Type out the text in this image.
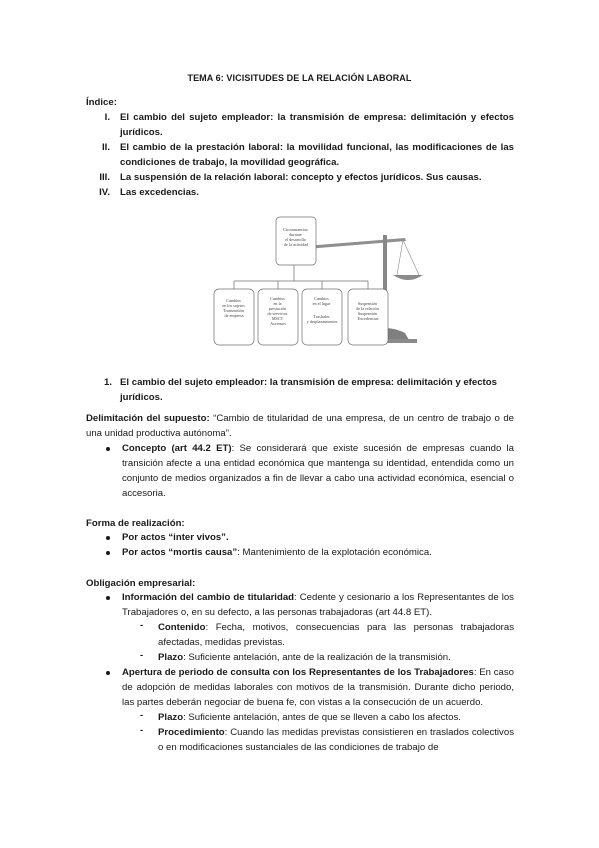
TEMA 6: VICISITUDES DE LA RELACIÓN LABORAL
Índice:
I. El cambio del sujeto empleador: la transmisión de empresa: delimitación y efectos jurídicos.
II. El cambio de la prestación laboral: la movilidad funcional, las modificaciones de las condiciones de trabajo, la movilidad geográfica.
III. La suspensión de la relación laboral: concepto y efectos jurídicos. Sus causas.
IV. Las excedencias.
Circunstancias durante el desarrollo de la actividad
Cambios en los sujetos Transmisión de empresa
Cambios en la prestación de servicios MSCT Ascensos
Cambios en el lugar Traslados y desplazamientos
Suspensión de la relación Suspensión Excedencias
1. El cambio del sujeto empleador: la transmisión de empresa: delimitación y efectos jurídicos.
Delimitación del supuesto: “Cambio de titularidad de una empresa, de un centro de trabajo o de una unidad productiva autónoma”.
Concepto (art 44.2 ET): Se considerará que existe sucesión de empresas cuando la transición afecte a una entidad económica que mantenga su identidad, entendida como un conjunto de medios organizados a fin de llevar a cabo una actividad económica, esencial o accesoria.
Forma de realización:
Por actos “inter vivos”.
Por actos “mortis causa”: Mantenimiento de la explotación económica.
Obligación empresarial:
Información del cambio de titularidad: Cedente y cesionario a los Representantes de los Trabajadores o, en su defecto, a las personas trabajadoras (art 44.8 ET).
- Contenido: Fecha, motivos, consecuencias para las personas trabajadoras afectadas, medidas previstas.
- Plazo: Suficiente antelación, ante de la realización de la transmisión.
Apertura de periodo de consulta con los Representantes de los Trabajadores: En caso de adopción de medidas laborales con motivos de la transmisión. Durante dicho periodo, las partes deberán negociar de buena fe, con vistas a la consecución de un acuerdo.
- Plazo: Suficiente antelación, antes de que se lleven a cabo los afectos.
- Procedimiento: Cuando las medidas previstas consistieren en traslados colectivos o en modificaciones sustanciales de las condiciones de trabajo de
